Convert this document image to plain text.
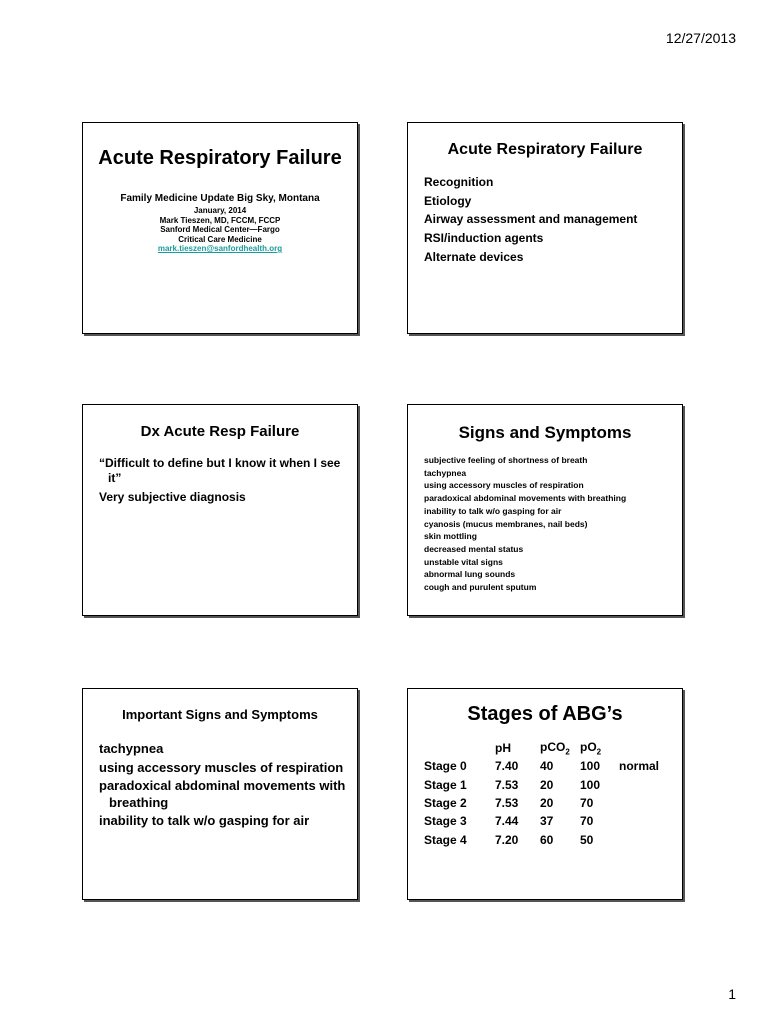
12/27/2013
Acute Respiratory Failure
Family Medicine Update Big Sky, Montana
January, 2014
Mark Tieszen, MD, FCCM, FCCP
Sanford Medical Center—Fargo
Critical Care Medicine
mark.tieszen@sanfordhealth.org
Acute Respiratory Failure
Recognition
Etiology
Airway assessment and management
RSI/induction agents
Alternate devices
Dx Acute Resp Failure
“Difficult to define but I know it when I see it”
Very subjective diagnosis
Signs and Symptoms
subjective feeling of shortness of breath
tachypnea
using accessory muscles of respiration
paradoxical abdominal movements with breathing
inability to talk w/o gasping for air
cyanosis (mucus membranes, nail beds)
skin mottling
decreased mental status
unstable vital signs
abnormal lung sounds
cough and purulent sputum
Important Signs and Symptoms
tachypnea
using accessory muscles of respiration
paradoxical abdominal movements with breathing
inability to talk w/o gasping for air
Stages of ABG’s
	pH	pCO$_2$	$pO_2$	
Stage 0	7.40	40	100	normal
Stage 1	7.53	20	100	
Stage 2	7.53	20	70	
Stage 3	7.44	37	70	
Stage 4	7.20	60	50	
1
